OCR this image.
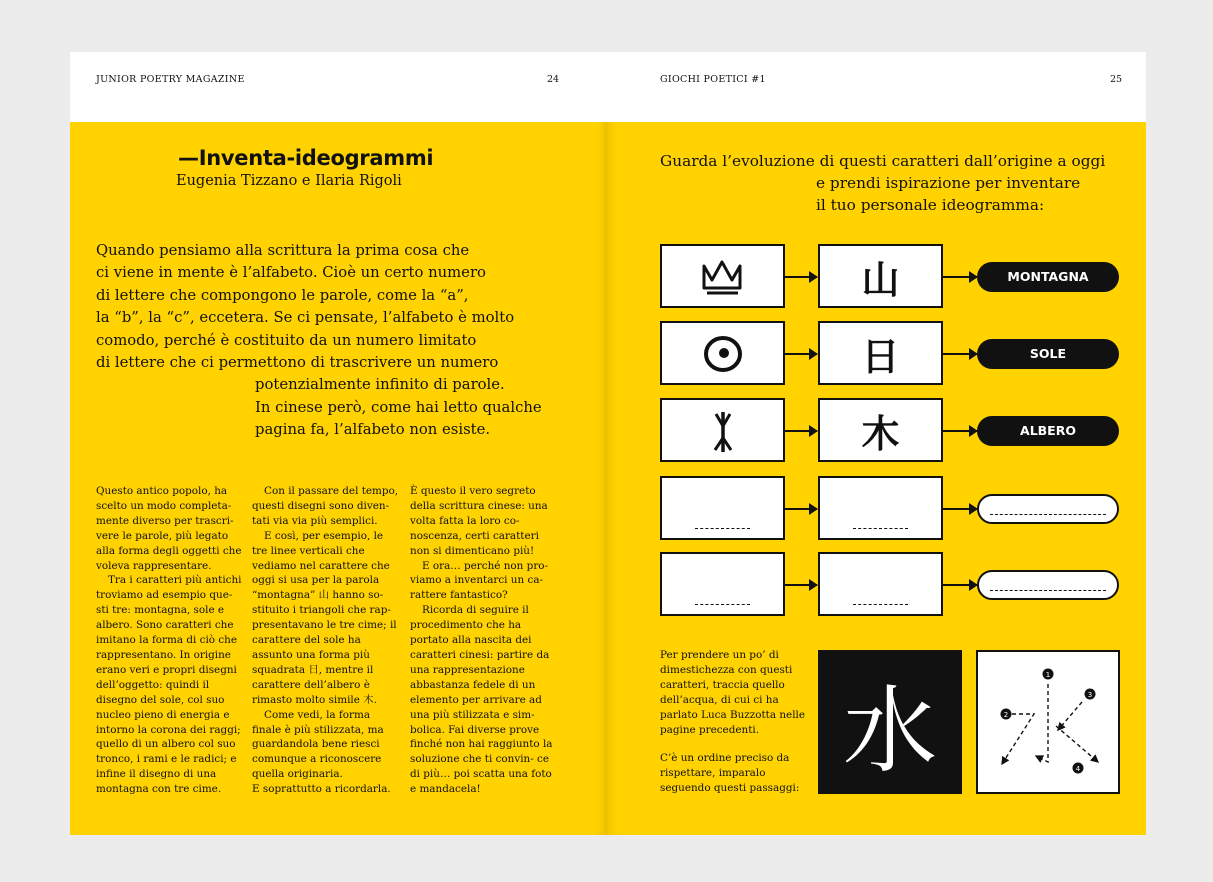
JUNIOR POETRY MAGAZINE	24
—Inventa-ideogrammi
Eugenia Tizzano e Ilaria Rigoli
Quando pensiamo alla scrittura la prima cosa che
ci viene in mente è l’alfabeto. Cioè un certo numero
di lettere che compongono le parole, come la “a”,
la “b”, la “c”, eccetera. Se ci pensate, l’alfabeto è molto
comodo, perché è costituito da un numero limitato
di lettere che ci permettono di trascrivere un numero
potenzialmente infinito di parole.
In cinese però, come hai letto qualche
pagina fa, l’alfabeto non esiste.

Questo antico popolo, ha scelto un modo completa- mente diverso per trascri- vere le parole, più legato alla forma degli oggetti che voleva rappresentare.

Tra i caratteri più antichi troviamo ad esempio que- sti tre: montagna, sole e albero. Sono caratteri che imitano la forma di ciò che rappresentano. In origine erano veri e propri disegni dell’oggetto: quindi il disegno del sole, col suo nucleo pieno di energia e intorno la corona dei raggi; quello di un albero col suo tronco, i rami e le radici; e infine il disegno di una montagna con tre cime.

Con il passare del tempo, questi disegni sono diven- tati via via più semplici.

E così, per esempio, le tre linee verticali che vediamo nel carattere che oggi si usa per la parola “montagna” 山 hanno so- stituito i triangoli che rap- presentavano le tre cime; il carattere del sole ha assunto una forma più squadrata 日, mentre il carattere dell’albero è rimasto molto simile 木.

Come vedi, la forma finale è più stilizzata, ma guardandola bene riesci comunque a riconoscere quella originaria.

E soprattutto a ricordarla.

È questo il vero segreto della scrittura cinese: una volta fatta la loro co- noscenza, certi caratteri non si dimenticano più!

E ora… perché non pro- viamo a inventarci un ca- rattere fantastico?

Ricorda di seguire il procedimento che ha portato alla nascita dei caratteri cinesi: partire da una rappresentazione abbastanza fedele di un elemento per arrivare ad una più stilizzata e sim- bolica. Fai diverse prove finché non hai raggiunto la soluzione che ti convin- ce di più… poi scatta una foto e mandacela!

GIOCHI POETICI #1	25
Guarda l’evoluzione di questi caratteri dall’origine a oggi
e prendi ispirazione per inventare
il tuo personale ideogramma:
山	MONTAGNA
日	SOLE
木	ALBERO

Per prendere un po’ di dimestichezza con questi caratteri, traccia quello dell’acqua, di cui ci ha parlato Luca Buzzotta nelle pagine precedenti.

C’è un ordine preciso da rispettare, imparalo seguendo questi passaggi:

水
1
2
3
4
